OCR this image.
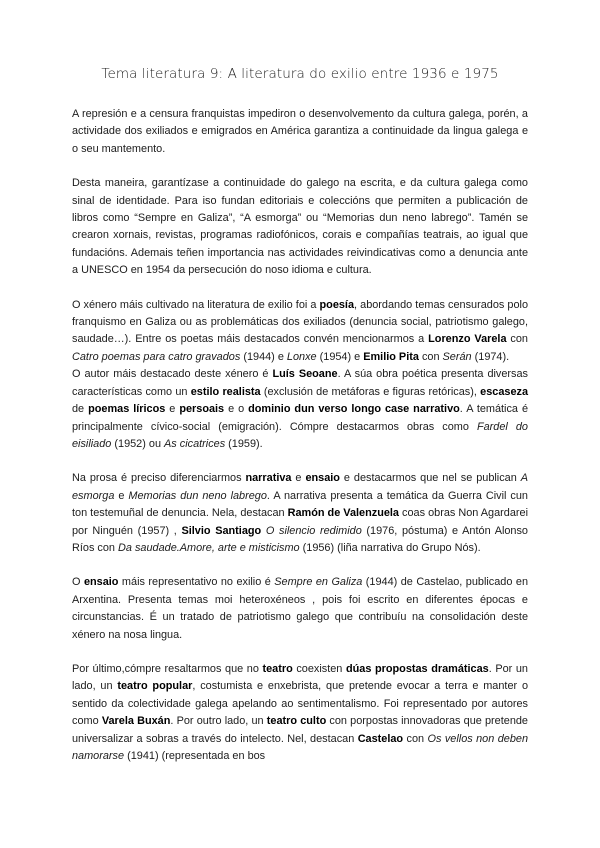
Tema literatura 9: A literatura do exilio entre 1936 e 1975

A represión e a censura franquistas impediron o desenvolvemento da cultura galega, porén, a actividade dos exiliados e emigrados en América garantiza a continuidade da lingua galega e o seu mantemento.

Desta maneira, garantízase a continuidade do galego na escrita, e da cultura galega como sinal de identidade. Para iso fundan editoriais e coleccións que permiten a publicación de libros como “Sempre en Galiza”, “A esmorga” ou “Memorias dun neno labrego”. Tamén se crearon xornais, revistas, programas radiofónicos, corais e compañías teatrais, ao igual que fundacións. Ademais teñen importancia nas actividades reivindicativas como a denuncia ante a UNESCO en 1954 da persecución do noso idioma e cultura.

O xénero máis cultivado na literatura de exilio foi a poesía, abordando temas censurados polo franquismo en Galiza ou as problemáticas dos exiliados (denuncia social, patriotismo galego, saudade…). Entre os poetas máis destacados convén mencionarmos a Lorenzo Varela con Catro poemas para catro gravados (1944) e Lonxe (1954) e Emilio Pita con Serán (1974).

O autor máis destacado deste xénero é Luís Seoane. A súa obra poética presenta diversas características como un estilo realista (exclusión de metáforas e figuras retóricas), escaseza de poemas líricos e persoais e o dominio dun verso longo case narrativo. A temática é principalmente cívico-social (emigración). Cómpre destacarmos obras como Fardel do eisiliado (1952) ou As cicatrices (1959).

Na prosa é preciso diferenciarmos narrativa e ensaio e destacarmos que nel se publican A esmorga e Memorias dun neno labrego. A narrativa presenta a temática da Guerra Civil cun ton testemuñal de denuncia. Nela, destacan Ramón de Valenzuela coas obras Non Agardarei por Ninguén (1957) , Silvio Santiago O silencio redimido (1976, póstuma) e Antón Alonso Ríos con Da saudade.Amore, arte e misticismo (1956) (liña narrativa do Grupo Nós).

O ensaio máis representativo no exilio é Sempre en Galiza (1944) de Castelao, publicado en Arxentina. Presenta temas moi heteroxéneos , pois foi escrito en diferentes épocas e circunstancias. É un tratado de patriotismo galego que contribuíu na consolidación deste xénero na nosa lingua.

Por último,cómpre resaltarmos que no teatro coexisten dúas propostas dramáticas. Por un lado, un teatro popular, costumista e enxebrista, que pretende evocar a terra e manter o sentido da colectividade galega apelando ao sentimentalismo. Foi representado por autores como Varela Buxán. Por outro lado, un teatro culto con porpostas innovadoras que pretende universalizar a sobras a través do intelecto. Nel, destacan Castelao con Os vellos non deben namorarse (1941) (representada en bos
